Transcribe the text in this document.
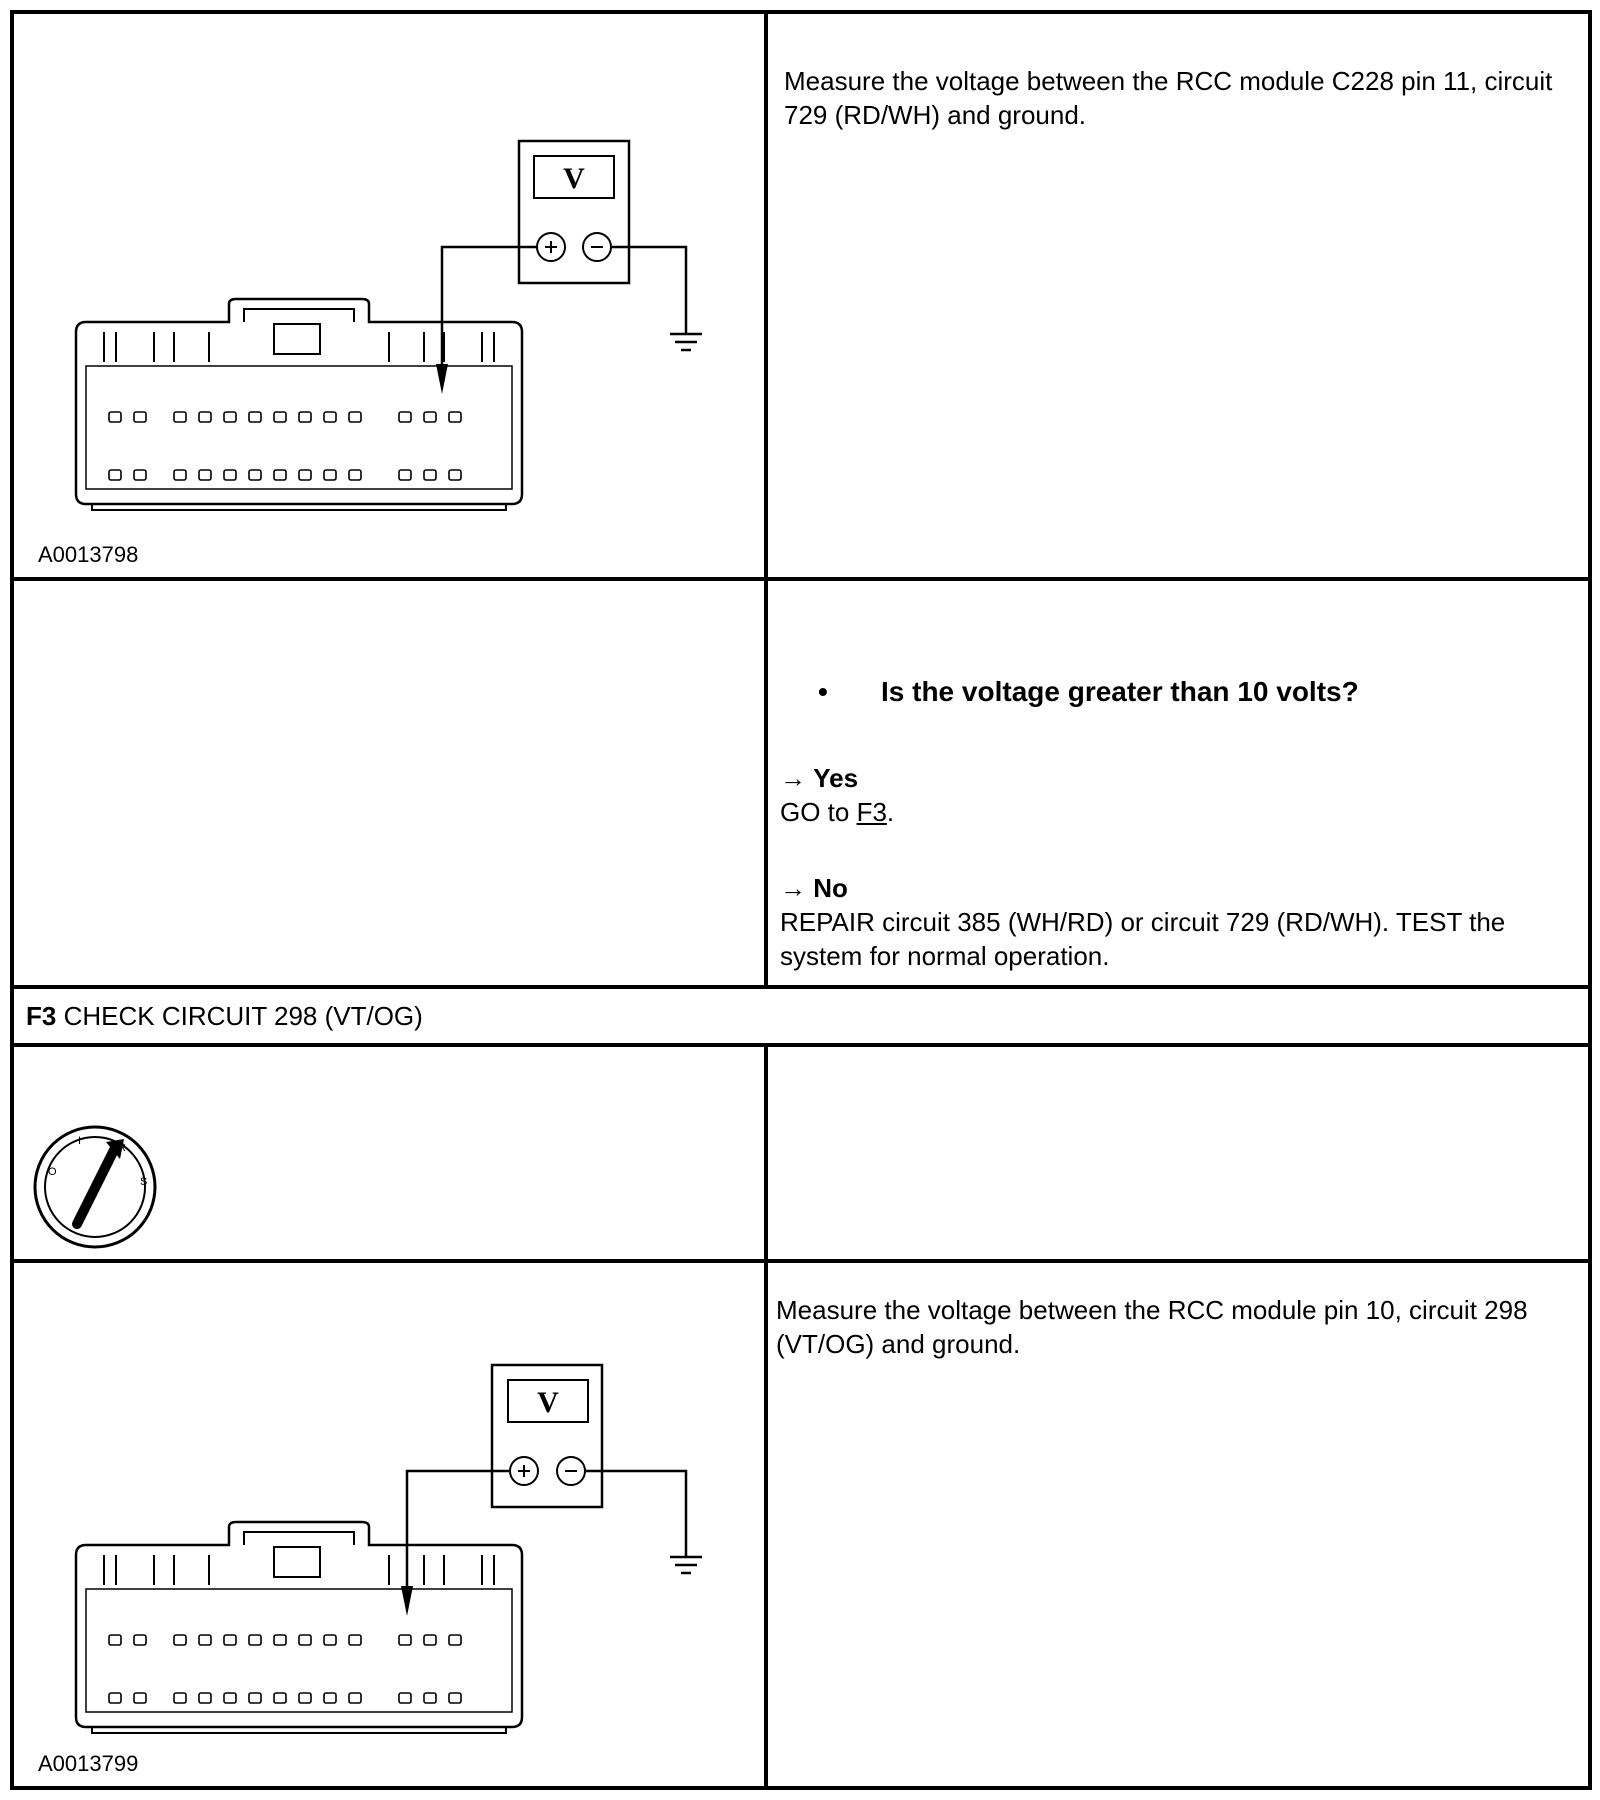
V
A0013798
Measure the voltage between the RCC module C228 pin 11, circuit 729 (RD/WH) and ground.
• Is the voltage greater than 10 volts?
→ Yes
GO to F3.
→ No
REPAIR circuit 385 (WH/RD) or circuit 729 (RD/WH). TEST the system for normal operation.
F3 CHECK CIRCUIT 298 (VT/OG)
O
I
R
S
V
A0013799
Measure the voltage between the RCC module pin 10, circuit 298 (VT/OG) and ground.
